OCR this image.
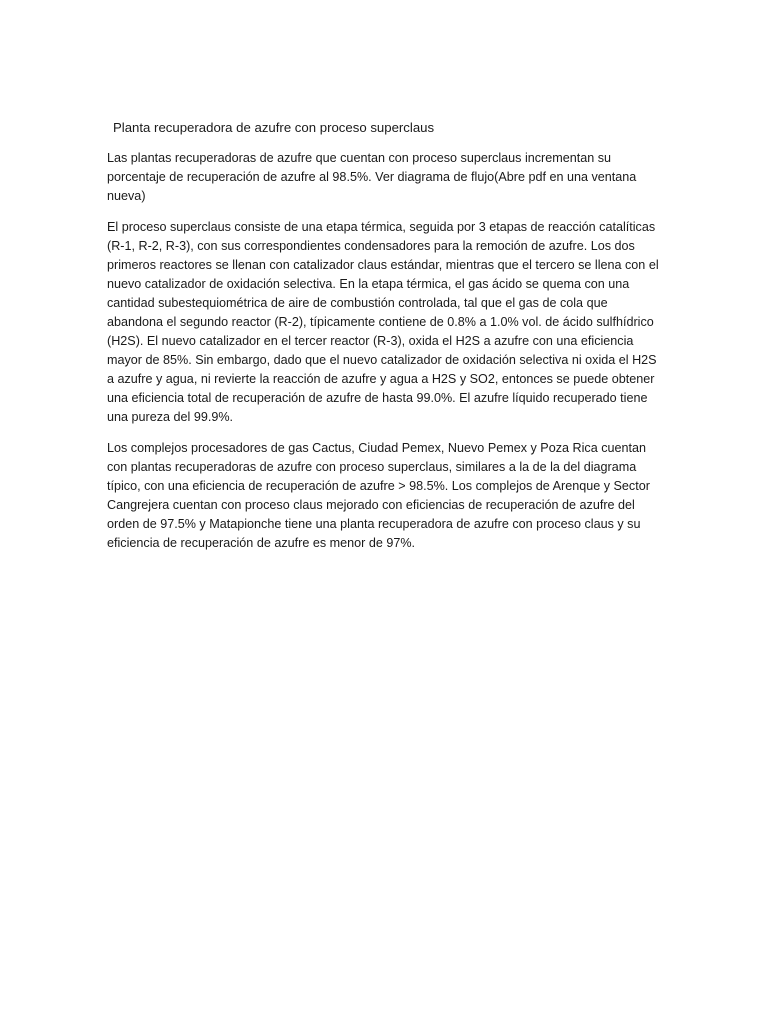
Planta recuperadora de azufre con proceso superclaus

Las plantas recuperadoras de azufre que cuentan con proceso superclaus incrementan su porcentaje de recuperación de azufre al 98.5%. Ver diagrama de flujo(Abre pdf en una ventana nueva)

El proceso superclaus consiste de una etapa térmica, seguida por 3 etapas de reacción catalíticas (R-1, R-2, R-3), con sus correspondientes condensadores para la remoción de azufre. Los dos primeros reactores se llenan con catalizador claus estándar, mientras que el tercero se llena con el nuevo catalizador de oxidación selectiva. En la etapa térmica, el gas ácido se quema con una cantidad subestequiométrica de aire de combustión controlada, tal que el gas de cola que abandona el segundo reactor (R-2), típicamente contiene de 0.8% a 1.0% vol. de ácido sulfhídrico (H2S). El nuevo catalizador en el tercer reactor (R-3), oxida el H2S a azufre con una eficiencia mayor de 85%. Sin embargo, dado que el nuevo catalizador de oxidación selectiva ni oxida el H2S a azufre y agua, ni revierte la reacción de azufre y agua a H2S y SO2, entonces se puede obtener una eficiencia total de recuperación de azufre de hasta 99.0%. El azufre líquido recuperado tiene una pureza del 99.9%.

Los complejos procesadores de gas Cactus, Ciudad Pemex, Nuevo Pemex y Poza Rica cuentan con plantas recuperadoras de azufre con proceso superclaus, similares a la de la del diagrama típico, con una eficiencia de recuperación de azufre > 98.5%. Los complejos de Arenque y Sector Cangrejera cuentan con proceso claus mejorado con eficiencias de recuperación de azufre del orden de 97.5% y Matapionche tiene una planta recuperadora de azufre con proceso claus y su eficiencia de recuperación de azufre es menor de 97%.
